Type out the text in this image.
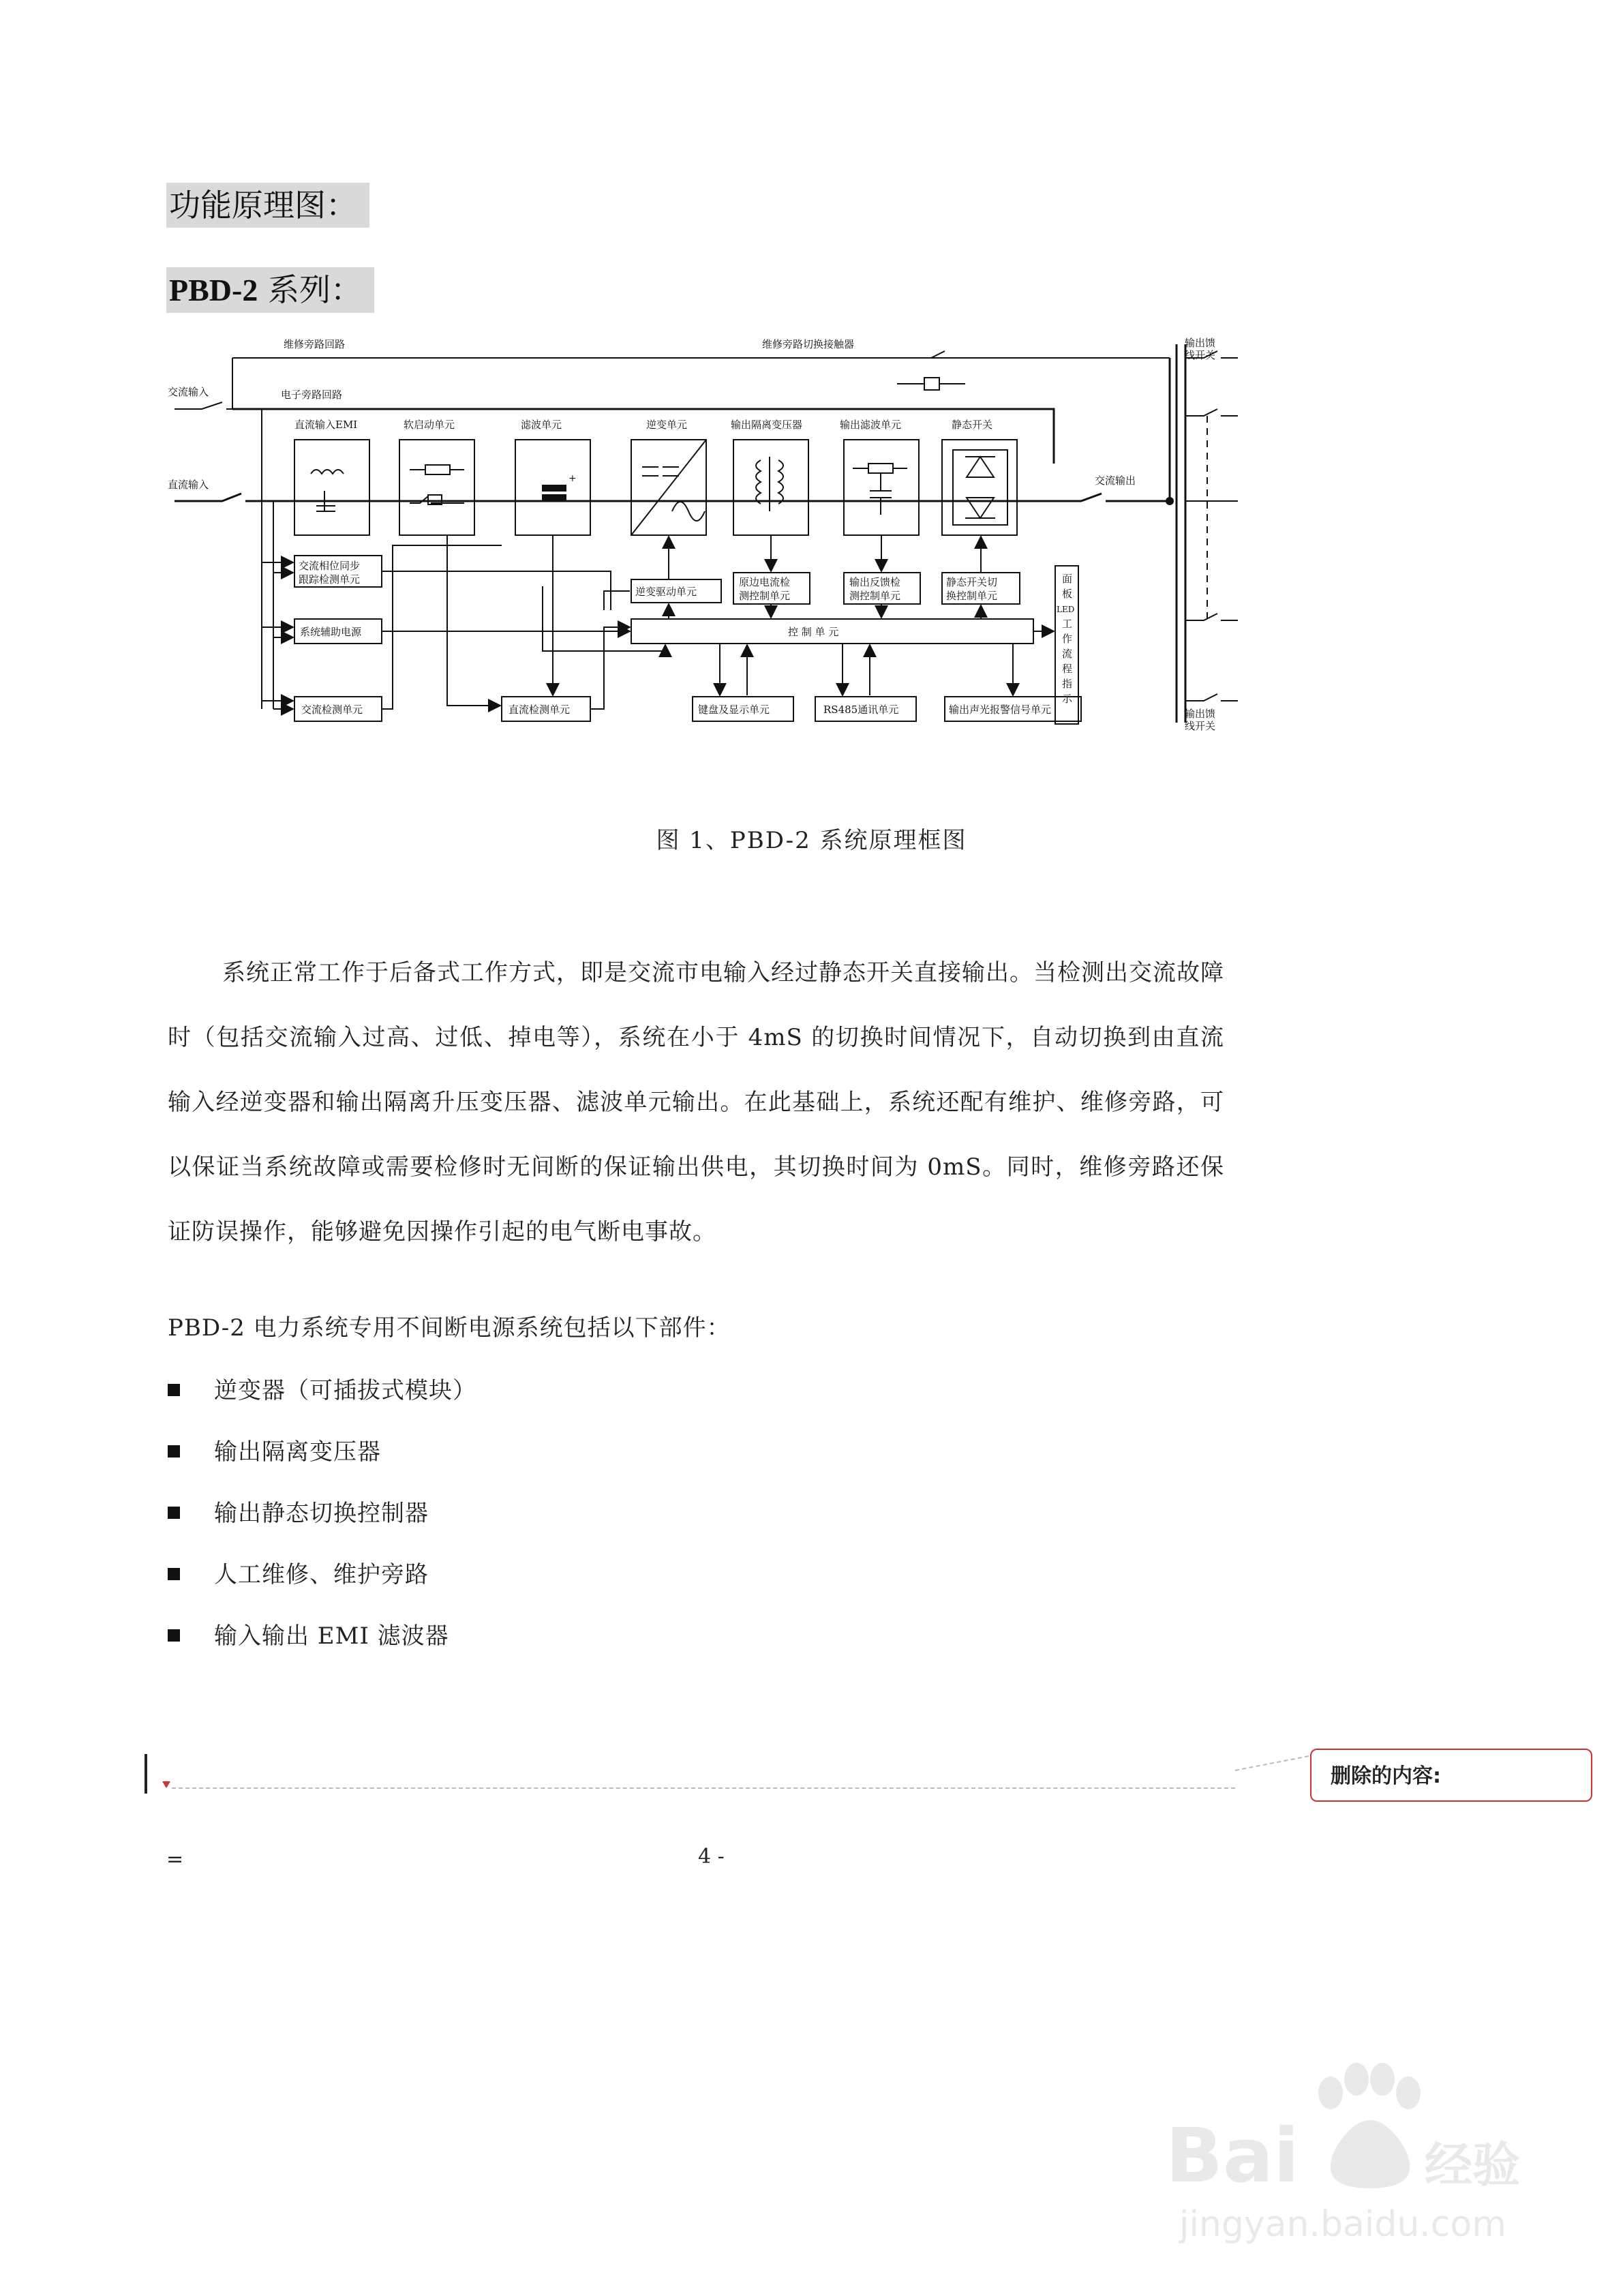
功能原理图：
PBD-2 系列：
维修旁路回路	维修旁路切换接触器
交流输入	电子旁路回路
直流输入
输出馈
线开关
输出馈
线开关
交流输出
直流输入EMI	软启动单元	滤波单元
+
逆变单元	输出隔离变压器	输出滤波单元	静态开关
交流相位同步
跟踪检测单元
逆变驱动单元
原边电流检
测控制单元
输出反馈检
测控制单元
静态开关切
换控制单元
系统辅助电源	控 制 单 元
面
板
LED
工
作
流
程
指
示
交流检测单元	直流检测单元	键盘及显示单元	RS485通讯单元	输出声光报警信号单元
图 1、PBD-2 系统原理框图
系统正常工作于后备式工作方式，即是交流市电输入经过静态开关直接输出。当检测出交流故障时（包括交流输入过高、过低、掉电等），系统在小于 4mS 的切换时间情况下，自动切换到由直流输入经逆变器和输出隔离升压变压器、滤波单元输出。在此基础上，系统还配有维护、维修旁路，可以保证当系统故障或需要检修时无间断的保证输出供电，其切换时间为 0mS。同时，维修旁路还保证防误操作，能够避免因操作引起的电气断电事故。
PBD-2 电力系统专用不间断电源系统包括以下部件：
逆变器（可插拔式模块）
输出隔离变压器
输出静态切换控制器
人工维修、维护旁路
输入输出 EMI 滤波器
删除的内容:
=	4 -
Bai	经验
jingyan.baidu.com
